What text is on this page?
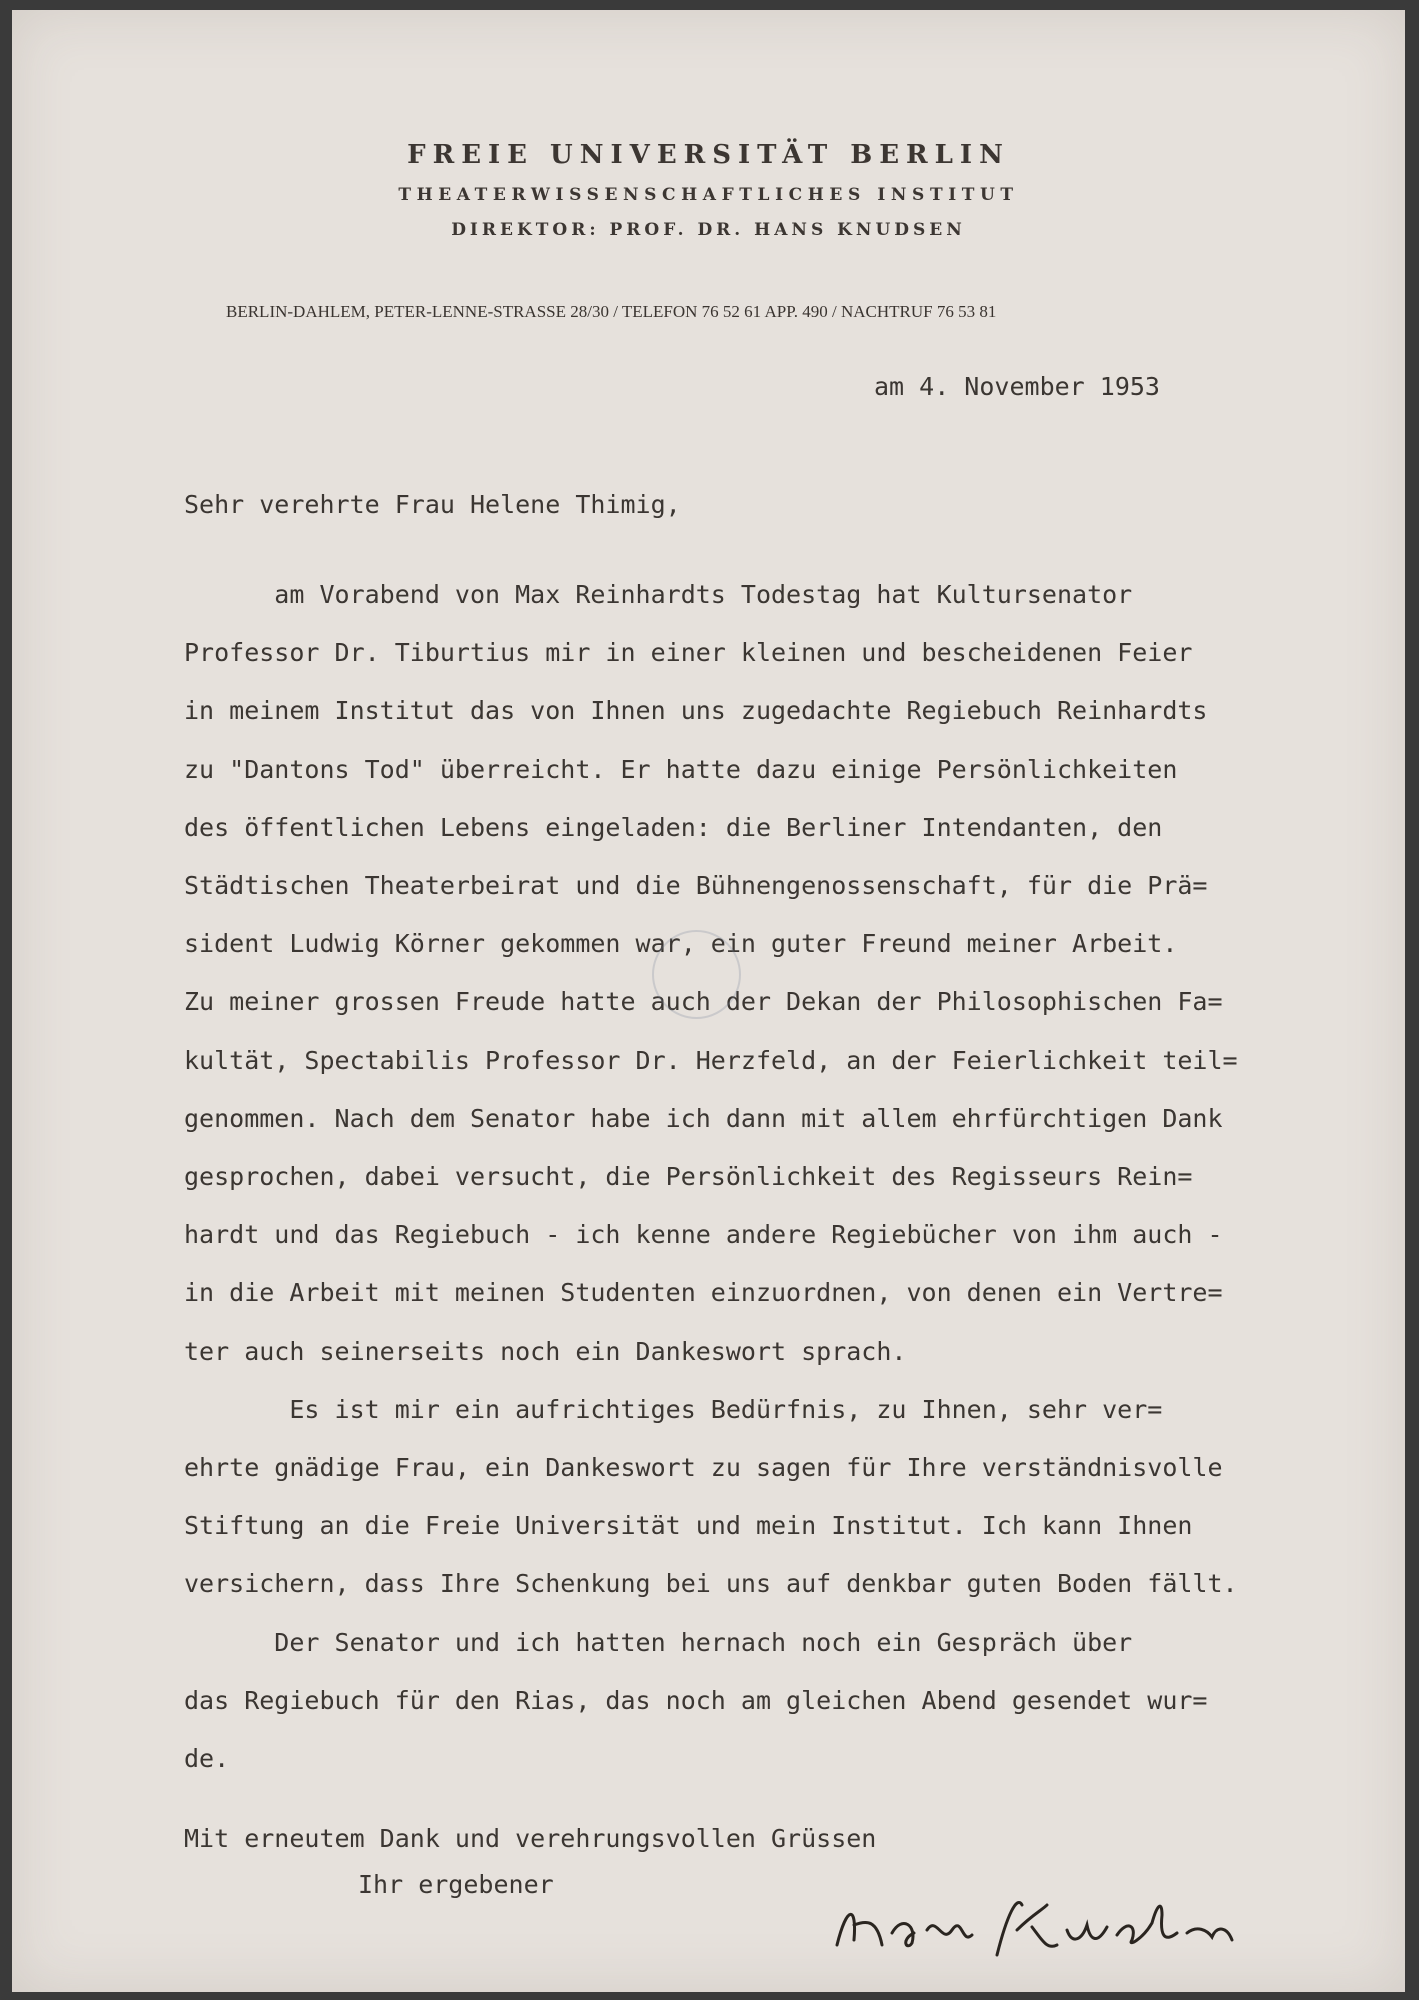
FREIE UNIVERSITÄT BERLIN
THEATERWISSENSCHAFTLICHES INSTITUT
DIREKTOR: PROF. DR. HANS KNUDSEN
BERLIN-DAHLEM, PETER-LENNE-STRASSE 28/30 / TELEFON 76 52 61 APP. 490 / NACHTRUF 76 53 81
am 4. November 1953
Sehr verehrte Frau Helene Thimig,
am Vorabend von Max Reinhardts Todestag hat Kultursenator
Professor Dr. Tiburtius mir in einer kleinen und bescheidenen Feier
in meinem Institut das von Ihnen uns zugedachte Regiebuch Reinhardts
zu "Dantons Tod" überreicht. Er hatte dazu einige Persönlichkeiten
des öffentlichen Lebens eingeladen: die Berliner Intendanten, den
Städtischen Theaterbeirat und die Bühnengenossenschaft, für die Prä=
sident Ludwig Körner gekommen war, ein guter Freund meiner Arbeit.
Zu meiner grossen Freude hatte auch der Dekan der Philosophischen Fa=
kultät, Spectabilis Professor Dr. Herzfeld, an der Feierlichkeit teil=
genommen. Nach dem Senator habe ich dann mit allem ehrfürchtigen Dank
gesprochen, dabei versucht, die Persönlichkeit des Regisseurs Rein=
hardt und das Regiebuch - ich kenne andere Regiebücher von ihm auch -
in die Arbeit mit meinen Studenten einzuordnen, von denen ein Vertre=
ter auch seinerseits noch ein Dankeswort sprach.
Es ist mir ein aufrichtiges Bedürfnis, zu Ihnen, sehr ver=
ehrte gnädige Frau, ein Dankeswort zu sagen für Ihre verständnisvolle
Stiftung an die Freie Universität und mein Institut. Ich kann Ihnen
versichern, dass Ihre Schenkung bei uns auf denkbar guten Boden fällt.
Der Senator und ich hatten hernach noch ein Gespräch über
das Regiebuch für den Rias, das noch am gleichen Abend gesendet wur=
de.
Mit erneutem Dank und verehrungsvollen Grüssen
Ihr ergebener
